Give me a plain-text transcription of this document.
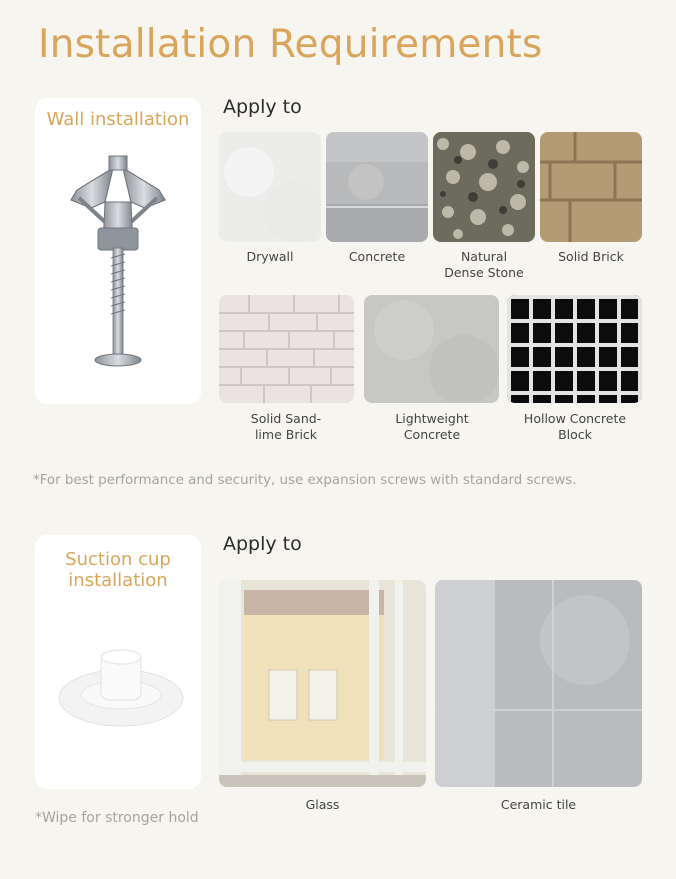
Installation Requirements
Wall installation
Apply to
Drywall	Concrete	Natural Dense Stone
Solid Brick
Solid Sand-lime Brick
Lightweight Concrete
Hollow Concrete Block
*For best performance and security, use expansion screws with standard screws.
Suction cup installation
Apply to
Glass	Ceramic tile
*Wipe for stronger hold
